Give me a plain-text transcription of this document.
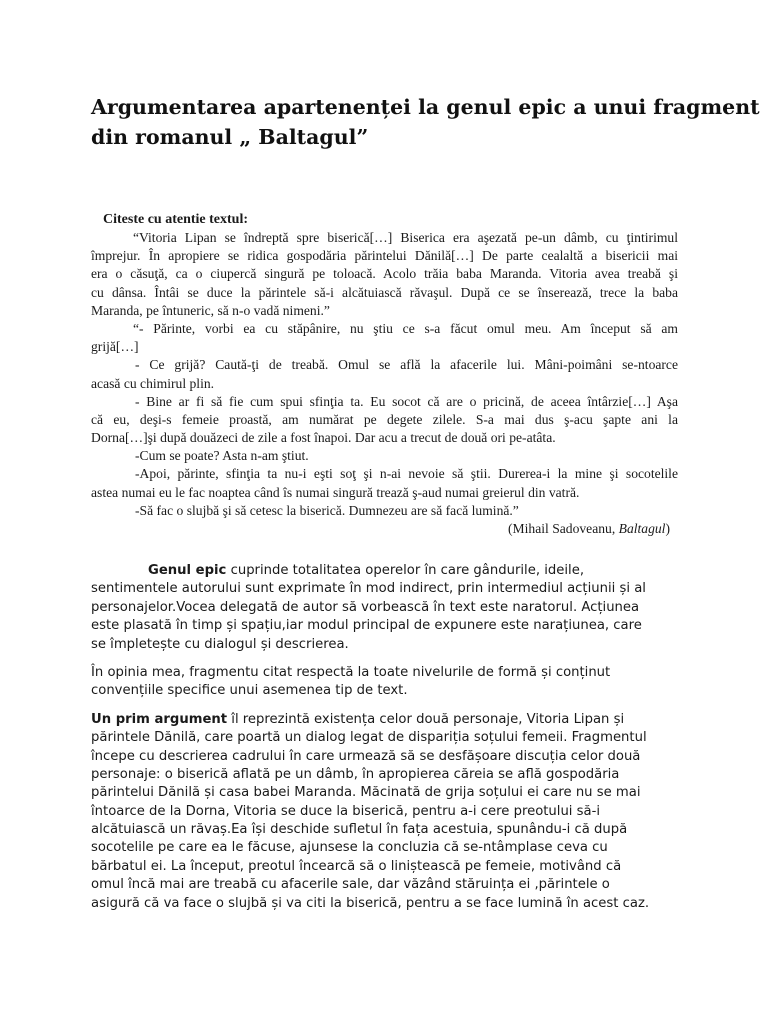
Argumentarea apartenenței la genul epic a unui fragment
din romanul „ Baltagul”

Citeste cu atentie textul:

“Vitoria Lipan se îndreptă spre biserică[…] Biserica era aşezată pe-un dâmb, cu ţintirimul
împrejur. În apropiere se ridica gospodăria părintelui Dănilă[…] De parte cealaltă a bisericii mai
era o căsuţă, ca o ciupercă singură pe toloacă. Acolo trăia baba Maranda. Vitoria avea treabă şi
cu dânsa. Întâi se duce la părintele să-i alcătuiască răvaşul. După ce se înserează, trece la baba
Maranda, pe întuneric, să n-o vadă nimeni.”
“- Părinte, vorbi ea cu stăpânire, nu ştiu ce s-a făcut omul meu. Am început să am
grijă[…]
- Ce grijă? Caută-ţi de treabă. Omul se află la afacerile lui. Mâni-poimâni se-ntoarce
acasă cu chimirul plin.
- Bine ar fi să fie cum spui sfinţia ta. Eu socot că are o pricină, de aceea întârzie[…] Aşa
că eu, deşi-s femeie proastă, am numărat pe degete zilele. S-a mai dus ş-acu şapte ani la
Dorna[…]şi după douăzeci de zile a fost înapoi. Dar acu a trecut de două ori pe-atâta.
-Cum se poate? Asta n-am ştiut.
-Apoi, părinte, sfinţia ta nu-i eşti soţ şi n-ai nevoie să ştii. Durerea-i la mine şi socotelile
astea numai eu le fac noaptea când îs numai singură trează ş-aud numai greierul din vatră.
-Să fac o slujbă şi să cetesc la biserică. Dumnezeu are să facă lumină.”
(Mihail Sadoveanu, Baltagul)

Genul epic cuprinde totalitatea operelor în care gândurile, ideile,
sentimentele autorului sunt exprimate în mod indirect, prin intermediul acțiunii și al
personajelor.Vocea delegată de autor să vorbească în text este naratorul. Acțiunea
este plasată în timp și spațiu,iar modul principal de expunere este narațiunea, care
se împletește cu dialogul și descrierea.

În opinia mea, fragmentu citat respectă la toate nivelurile de formă și conținut
convențiile specifice unui asemenea tip de text.

Un prim argument îl reprezintă existența celor două personaje, Vitoria Lipan și
părintele Dănilă, care poartă un dialog legat de dispariția soțului femeii. Fragmentul
începe cu descrierea cadrului în care urmează să se desfășoare discuția celor două
personaje: o biserică aflată pe un dâmb, în apropierea căreia se află gospodăria
părintelui Dănilă și casa babei Maranda. Măcinată de grija soțului ei care nu se mai
întoarce de la Dorna, Vitoria se duce la biserică, pentru a-i cere preotului să-i
alcătuiască un răvaș.Ea își deschide sufletul în fața acestuia, spunându-i că după
socotelile pe care ea le făcuse, ajunsese la concluzia că se-ntâmplase ceva cu
bărbatul ei. La început, preotul încearcă să o liniștească pe femeie, motivând că
omul încă mai are treabă cu afacerile sale, dar văzând stăruința ei ,părintele o
asigură că va face o slujbă și va citi la biserică, pentru a se face lumină în acest caz.
